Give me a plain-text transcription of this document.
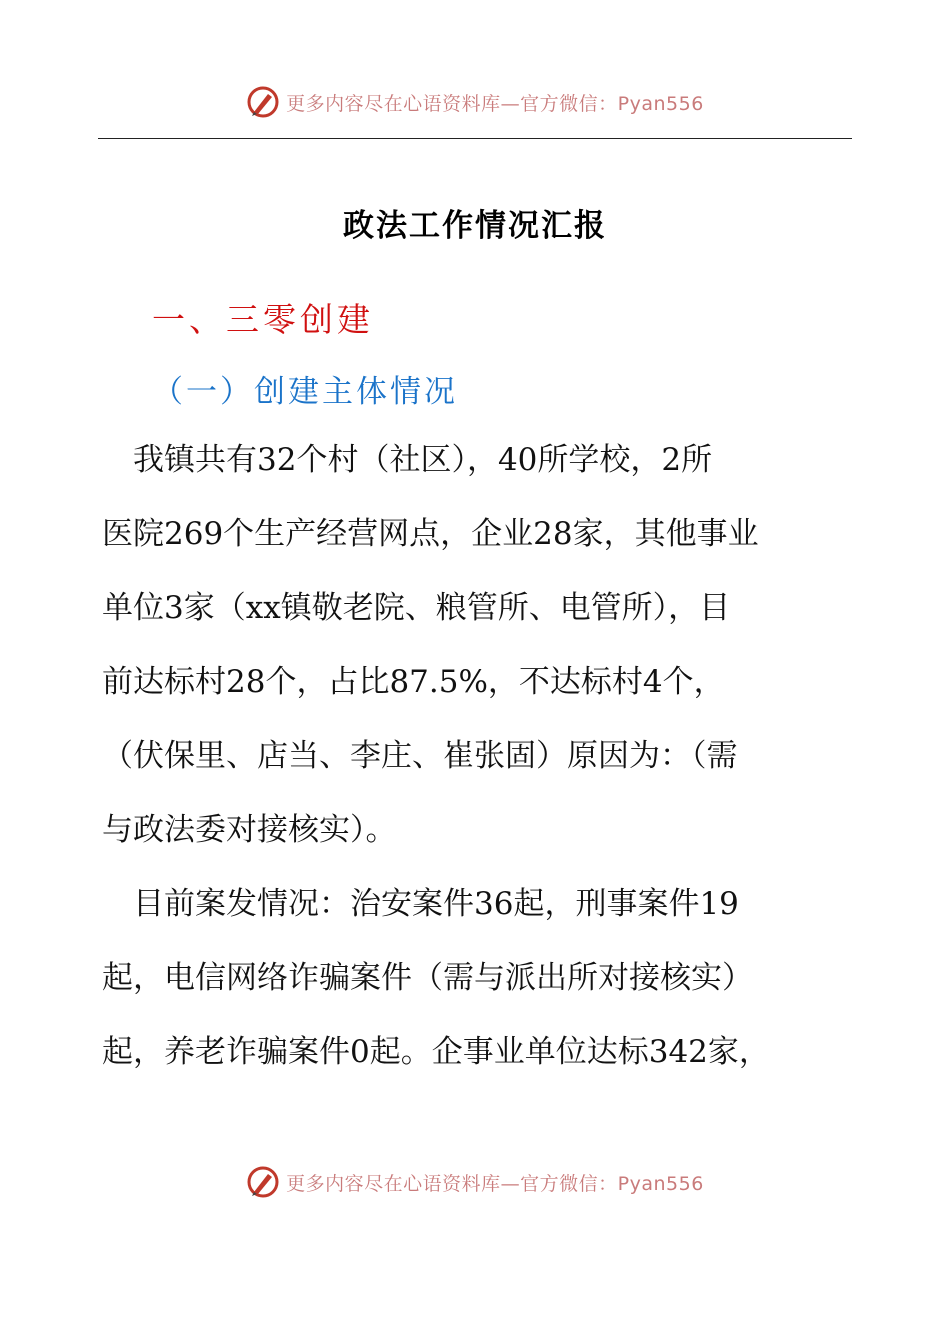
更多内容尽在心语资料库—官方微信：Pyan556
政法工作情况汇报
一、三零创建
（一）创建主体情况
　我镇共有32个村（社区），40所学校，2所
医院269个生产经营网点，企业28家，其他事业
单位3家（xx镇敬老院、粮管所、电管所），目
前达标村28个，占比87.5%，不达标村4个，
（伏保里、店当、李庄、崔张固）原因为：（需
与政法委对接核实）。
　目前案发情况：治安案件36起，刑事案件19
起，电信网络诈骗案件（需与派出所对接核实）
起，养老诈骗案件0起。企事业单位达标342家，
更多内容尽在心语资料库—官方微信：Pyan556
